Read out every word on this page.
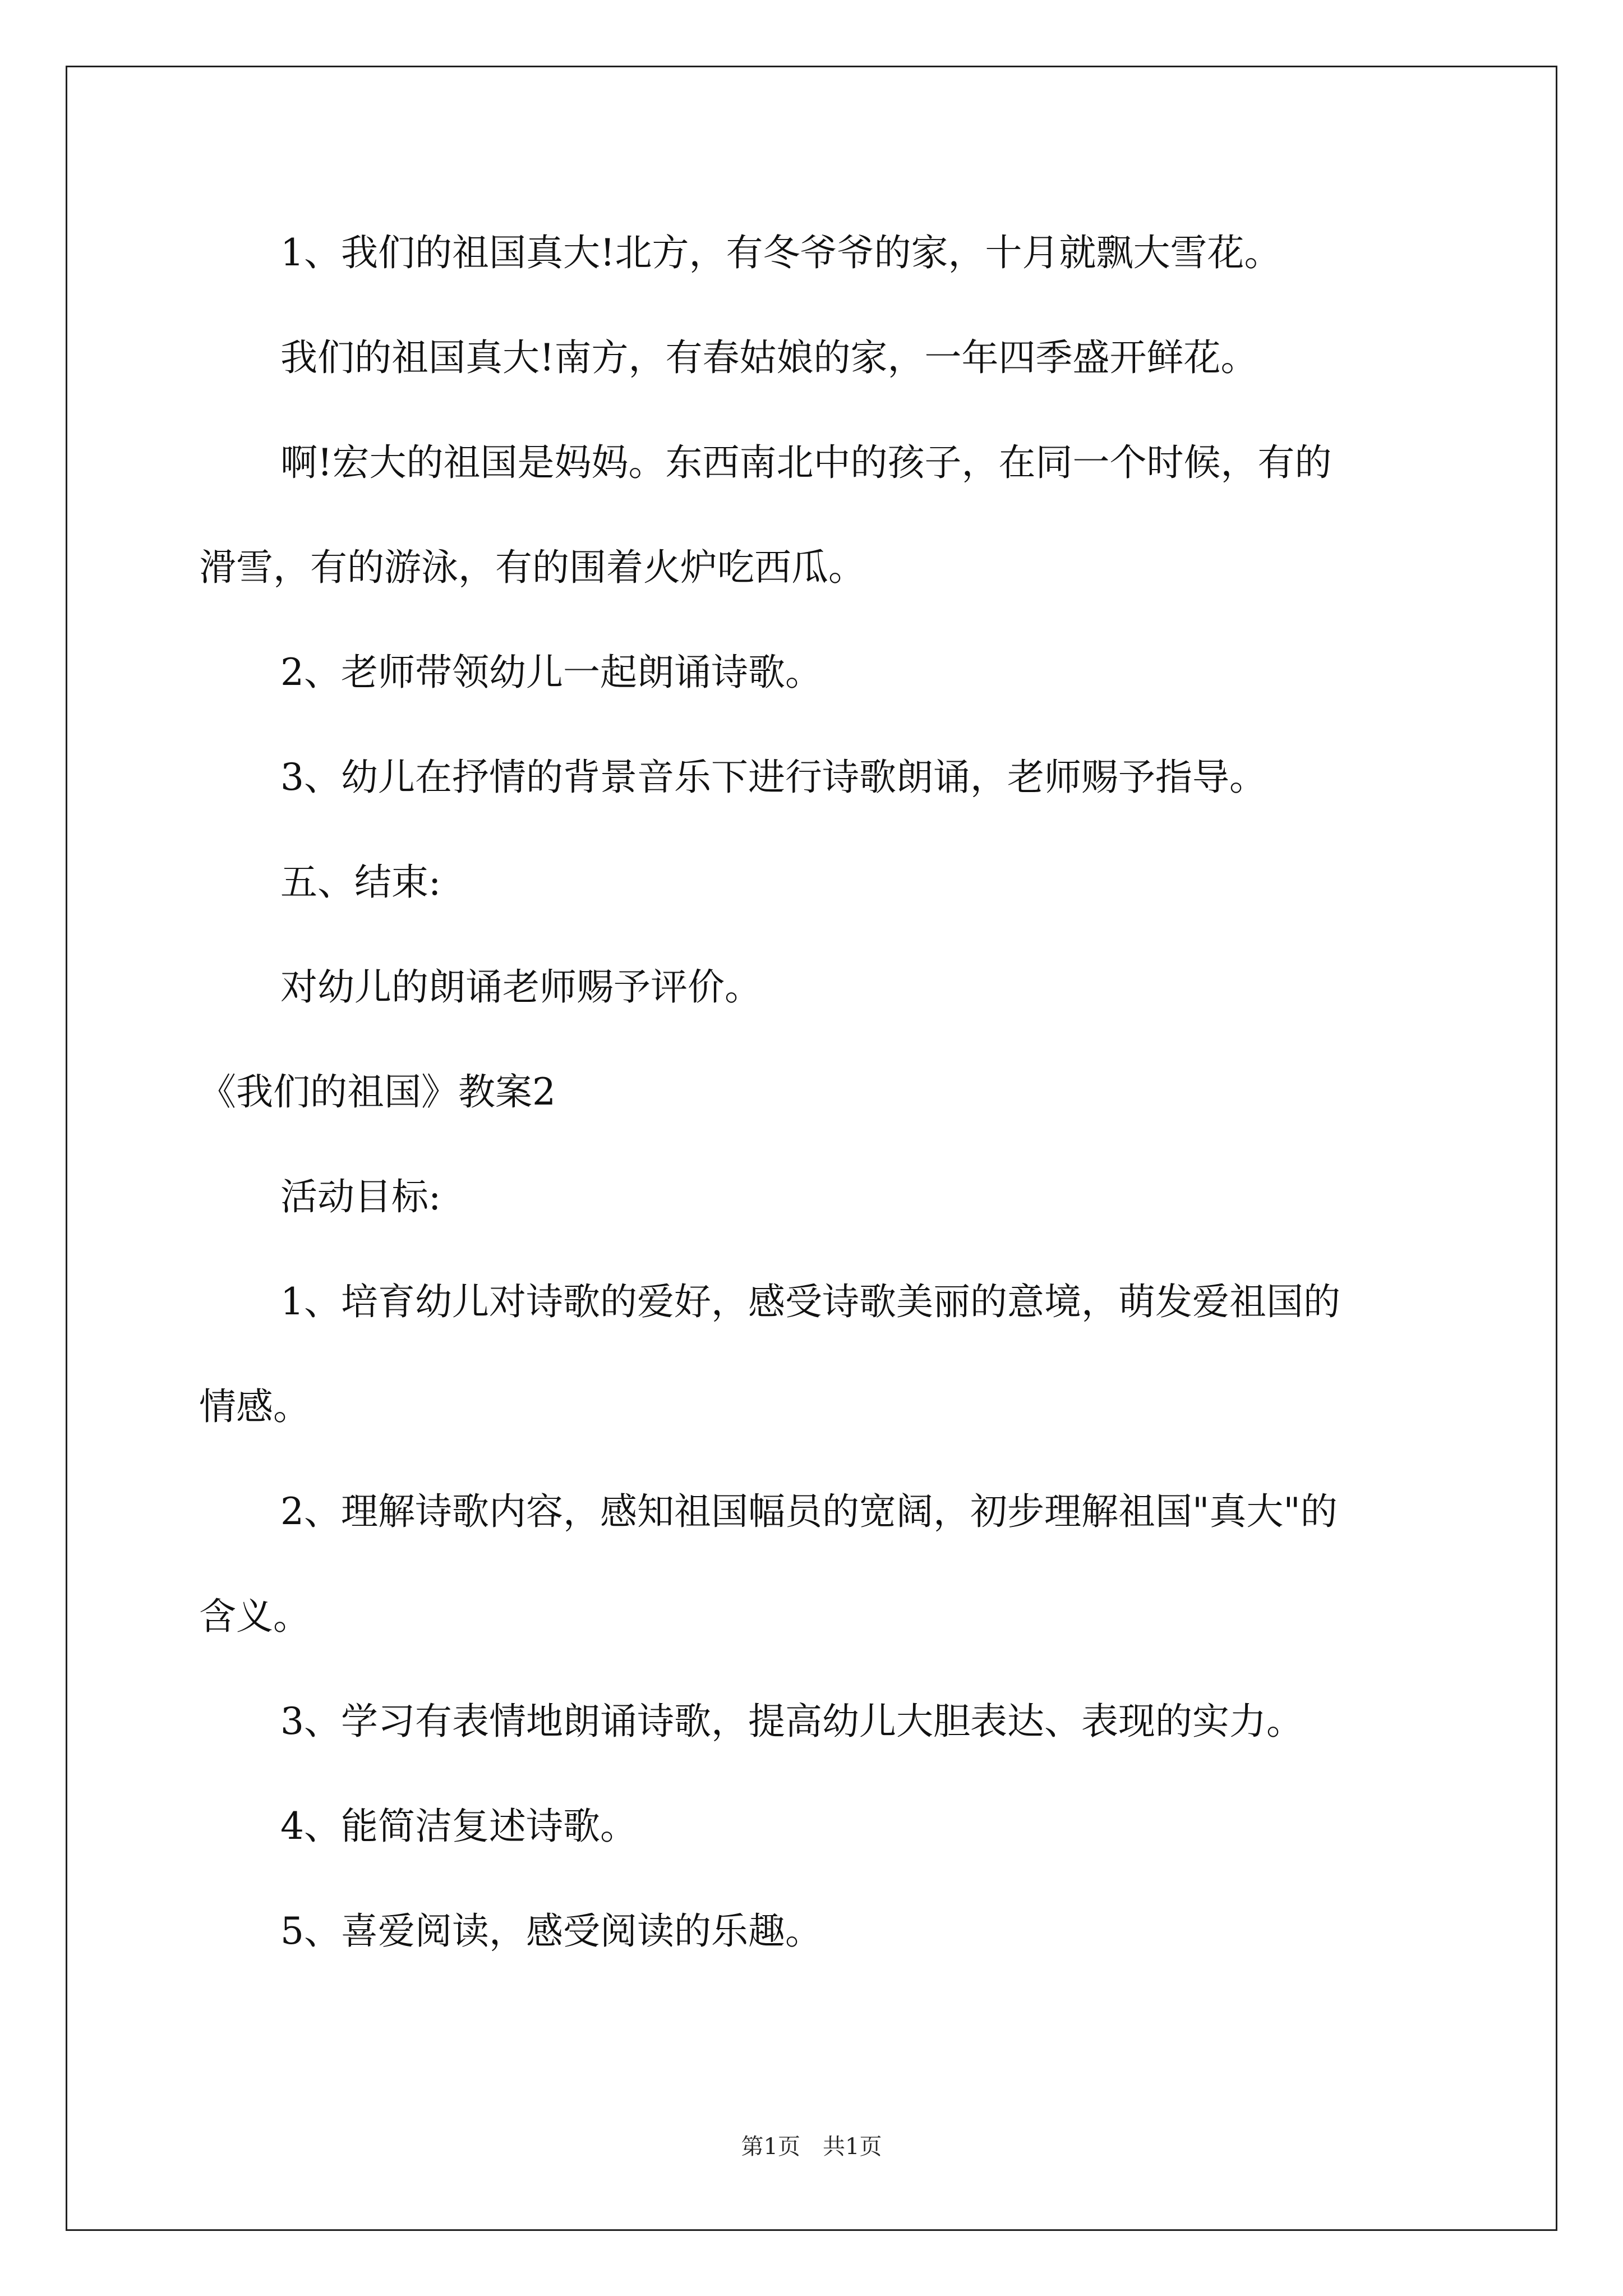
1、我们的祖国真大!北方，有冬爷爷的家，十月就飘大雪花。
我们的祖国真大!南方，有春姑娘的家，一年四季盛开鲜花。
啊!宏大的祖国是妈妈。东西南北中的孩子，在同一个时候，有的
滑雪，有的游泳，有的围着火炉吃西瓜。
2、老师带领幼儿一起朗诵诗歌。
3、幼儿在抒情的背景音乐下进行诗歌朗诵，老师赐予指导。
五、结束:
对幼儿的朗诵老师赐予评价。
《我们的祖国》教案2
活动目标:
1、培育幼儿对诗歌的爱好，感受诗歌美丽的意境，萌发爱祖国的
情感。
2、理解诗歌内容，感知祖国幅员的宽阔，初步理解祖国"真大"的
含义。
3、学习有表情地朗诵诗歌，提高幼儿大胆表达、表现的实力。
4、能简洁复述诗歌。
5、喜爱阅读，感受阅读的乐趣。
第1页　共1页
